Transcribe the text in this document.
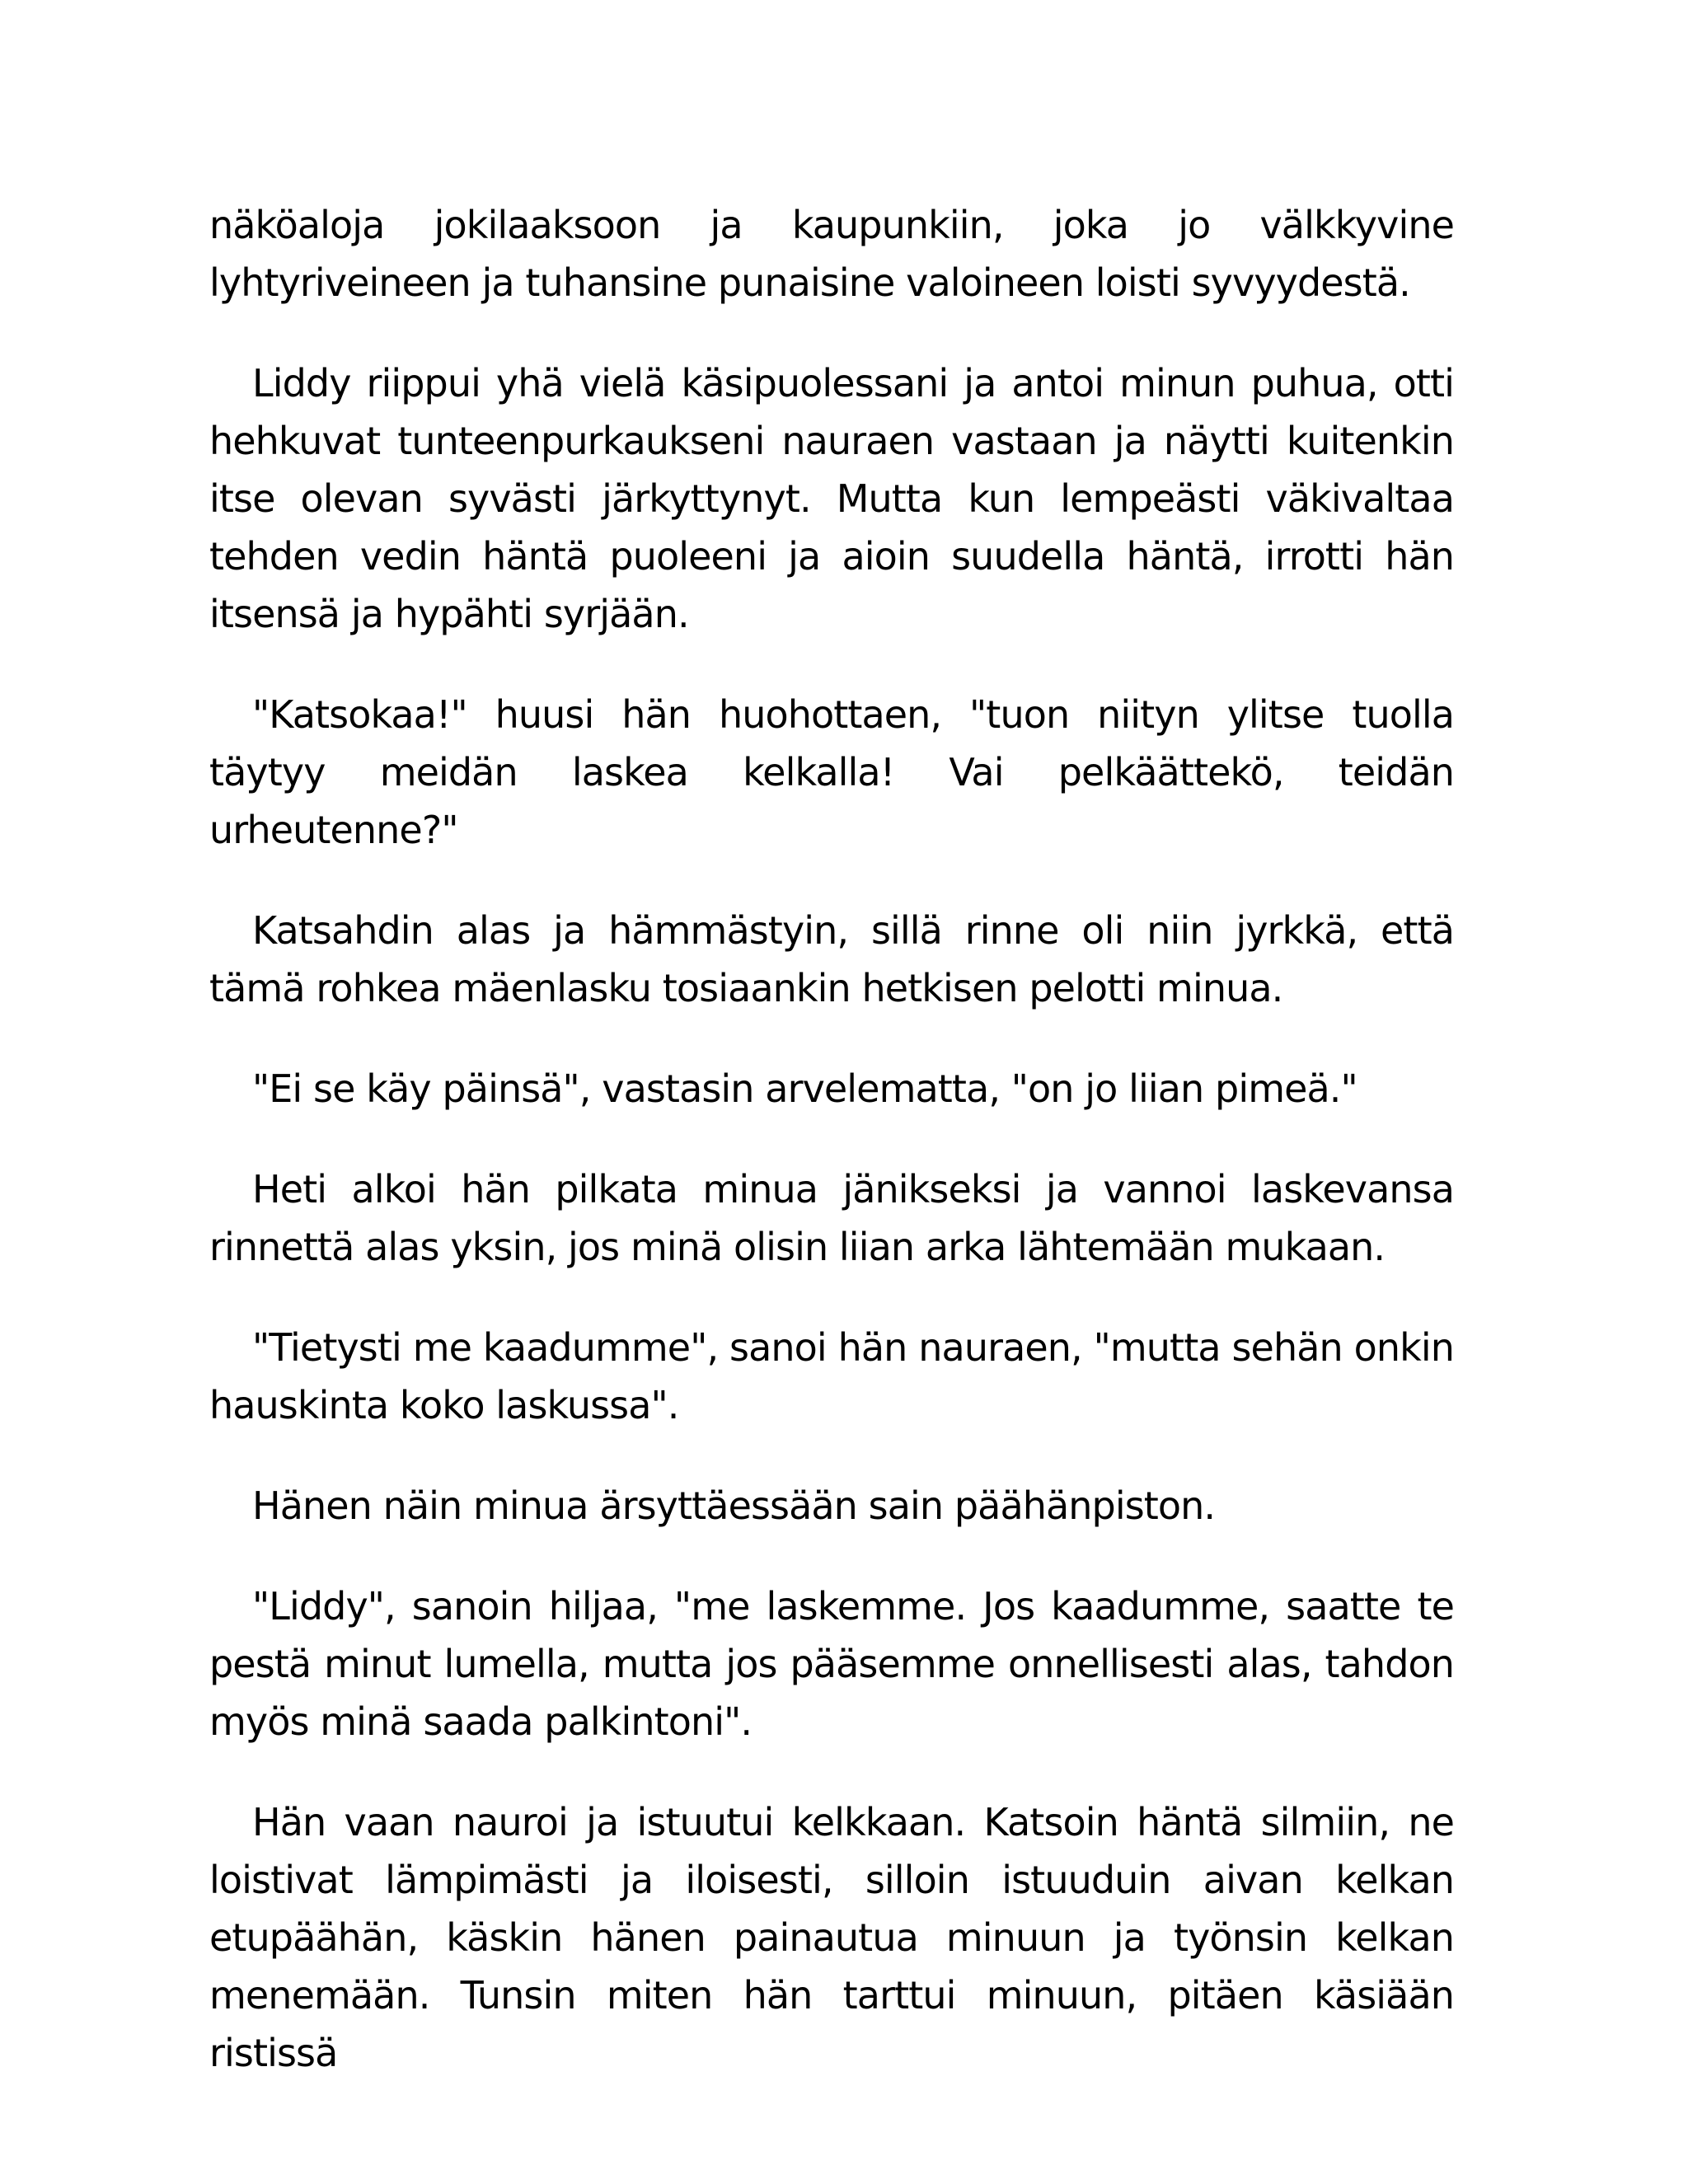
näköaloja jokilaaksoon ja kaupunkiin, joka jo välkkyvine lyhtyriveineen ja tuhansine punaisine valoineen loisti syvyydestä.

Liddy riippui yhä vielä käsipuolessani ja antoi minun puhua, otti hehkuvat tunteenpurkaukseni nauraen vastaan ja näytti kuitenkin itse olevan syvästi järkyttynyt. Mutta kun lempeästi väkivaltaa tehden vedin häntä puoleeni ja aioin suudella häntä, irrotti hän itsensä ja hypähti syrjään.

"Katsokaa!" huusi hän huohottaen, "tuon niityn ylitse tuolla täytyy meidän laskea kelkalla! Vai pelkäättekö, teidän urheutenne?"

Katsahdin alas ja hämmästyin, sillä rinne oli niin jyrkkä, että tämä rohkea mäenlasku tosiaankin hetkisen pelotti minua.

"Ei se käy päinsä", vastasin arvelematta, "on jo liian pimeä."

Heti alkoi hän pilkata minua jänikseksi ja vannoi laskevansa rinnettä alas yksin, jos minä olisin liian arka lähtemään mukaan.

"Tietysti me kaadumme", sanoi hän nauraen, "mutta sehän onkin hauskinta koko laskussa".

Hänen näin minua ärsyttäessään sain päähänpiston.

"Liddy", sanoin hiljaa, "me laskemme. Jos kaadumme, saatte te pestä minut lumella, mutta jos pääsemme onnellisesti alas, tahdon myös minä saada palkintoni".

Hän vaan nauroi ja istuutui kelkkaan. Katsoin häntä silmiin, ne loistivat lämpimästi ja iloisesti, silloin istuuduin aivan kelkan etupäähän, käskin hänen painautua minuun ja työnsin kelkan menemään. Tunsin miten hän tarttui minuun, pitäen käsiään ristissä
